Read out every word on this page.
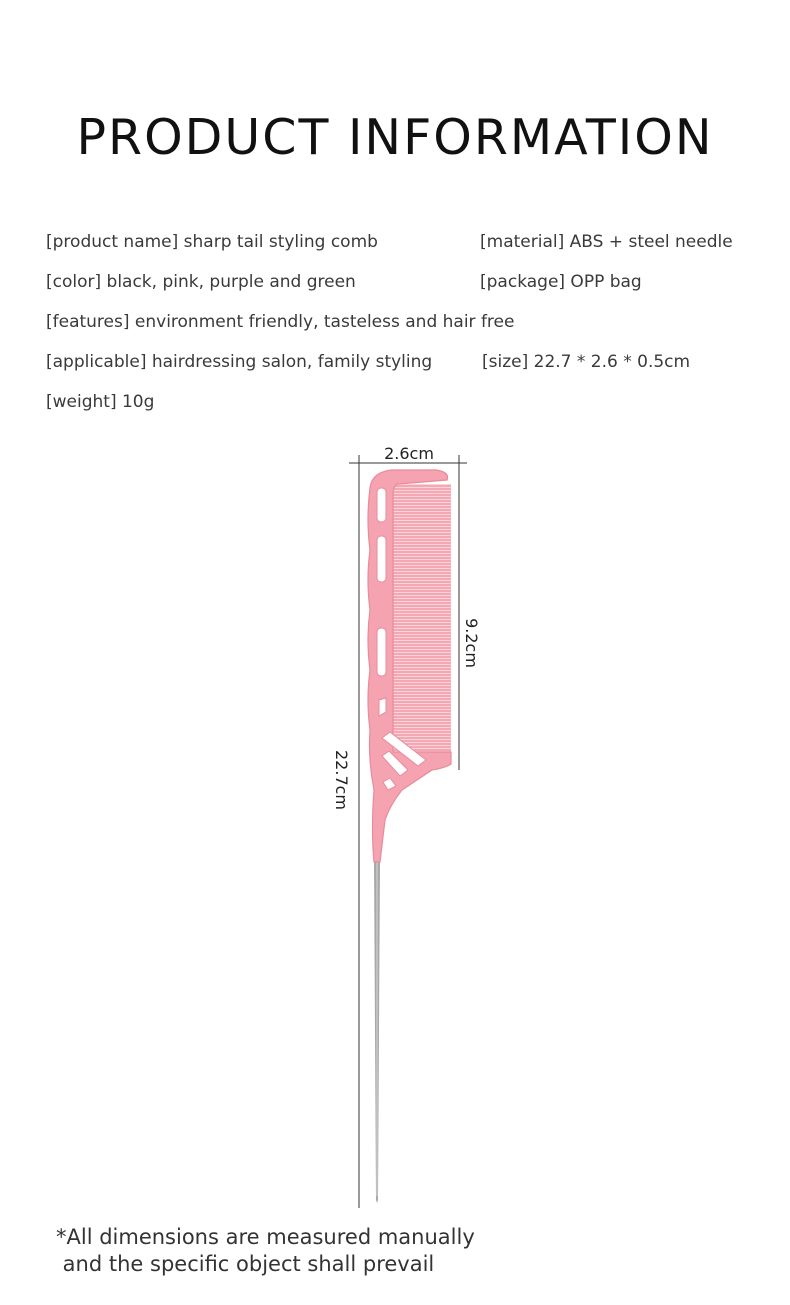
PRODUCT INFORMATION
[product name] sharp tail styling comb	[material] ABS + steel needle
[color] black, pink, purple and green	[package] OPP bag
[features] environment friendly, tasteless and hair free
[applicable] hairdressing salon, family styling	[size] 22.7 * 2.6 * 0.5cm
[weight] 10g
2.6cm
22.7cm
9.2cm
*All dimensions are measured manually
and the specific object shall prevail
